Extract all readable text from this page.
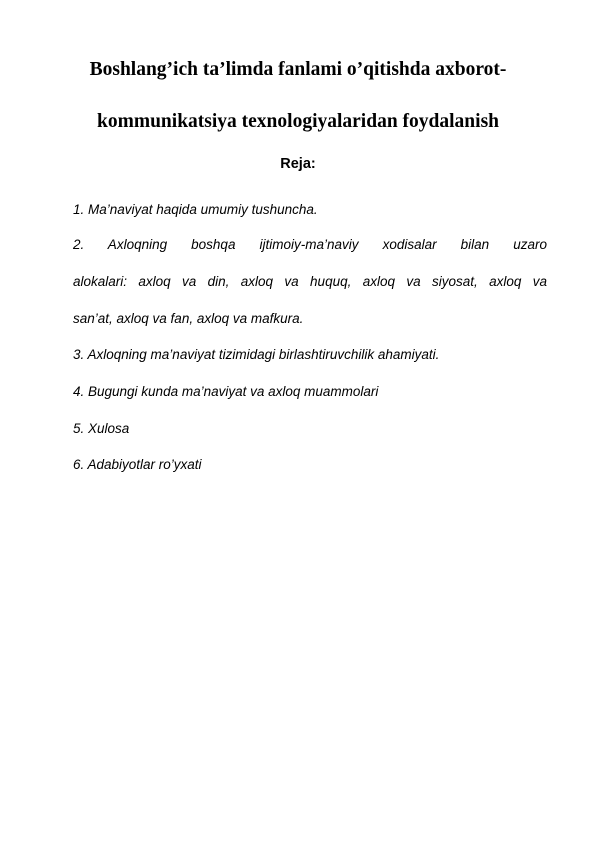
Boshlang’ich ta’limda fanlami o’qitishda axborot-
kommunikatsiya texnologiyalaridan foydalanish
Reja:
1. Ma’naviyat haqida umumiy tushuncha.
2. Axloqning boshqa ijtimoiy-ma’naviy xodisalar bilan uzaro
alokalari: axloq va din, axloq va huquq, axloq va siyosat, axloq va
san’at, axloq va fan, axloq va mafkura.
3. Axloqning ma’naviyat tizimidagi birlashtiruvchilik ahamiyati.
4. Bugungi kunda ma’naviyat va axloq muammolari
5. Xulosa
6. Adabiyotlar ro’yxati
